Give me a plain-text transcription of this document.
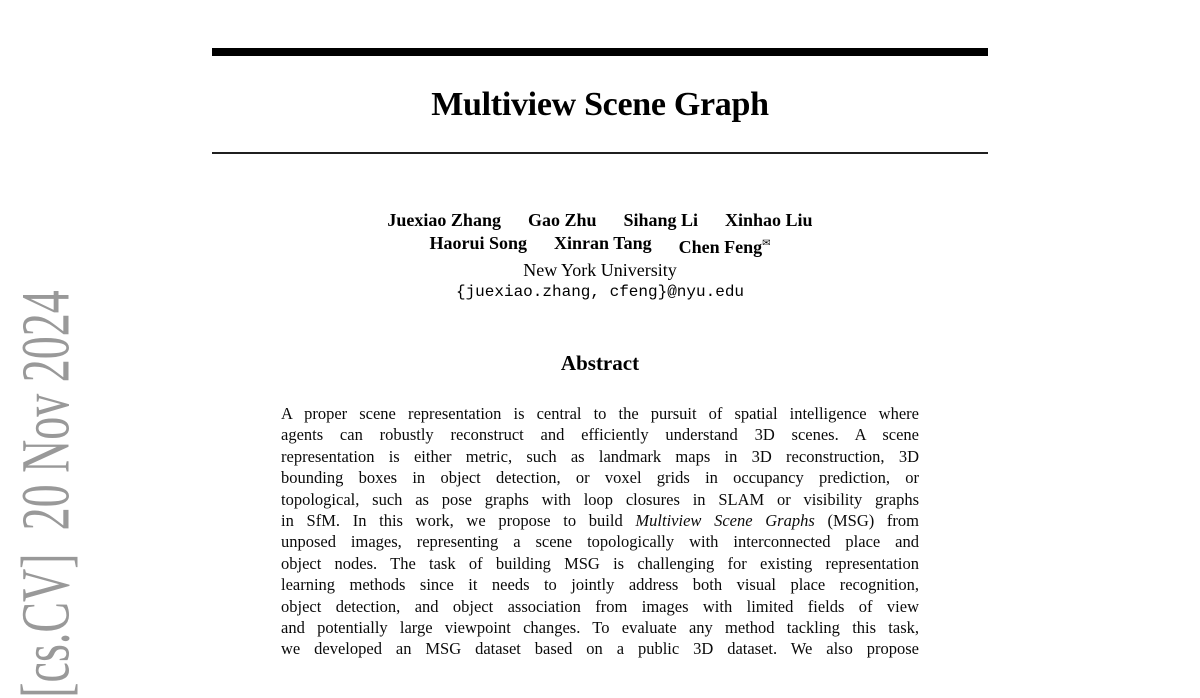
[cs.CV]  20 Nov 2024
Multiview Scene Graph
Juexiao Zhang Gao Zhu Sihang Li Xinhao Liu
Haorui Song Xinran Tang Chen Feng✉
New York University
{juexiao.zhang, cfeng}@nyu.edu
Abstract
A proper scene representation is central to the pursuit of spatial intelligence where
agents can robustly reconstruct and efficiently understand 3D scenes. A scene
representation is either metric, such as landmark maps in 3D reconstruction, 3D
bounding boxes in object detection, or voxel grids in occupancy prediction, or
topological, such as pose graphs with loop closures in SLAM or visibility graphs
in SfM. In this work, we propose to build Multiview Scene Graphs (MSG) from
unposed images, representing a scene topologically with interconnected place and
object nodes. The task of building MSG is challenging for existing representation
learning methods since it needs to jointly address both visual place recognition,
object detection, and object association from images with limited fields of view
and potentially large viewpoint changes. To evaluate any method tackling this task,
we developed an MSG dataset based on a public 3D dataset. We also propose
